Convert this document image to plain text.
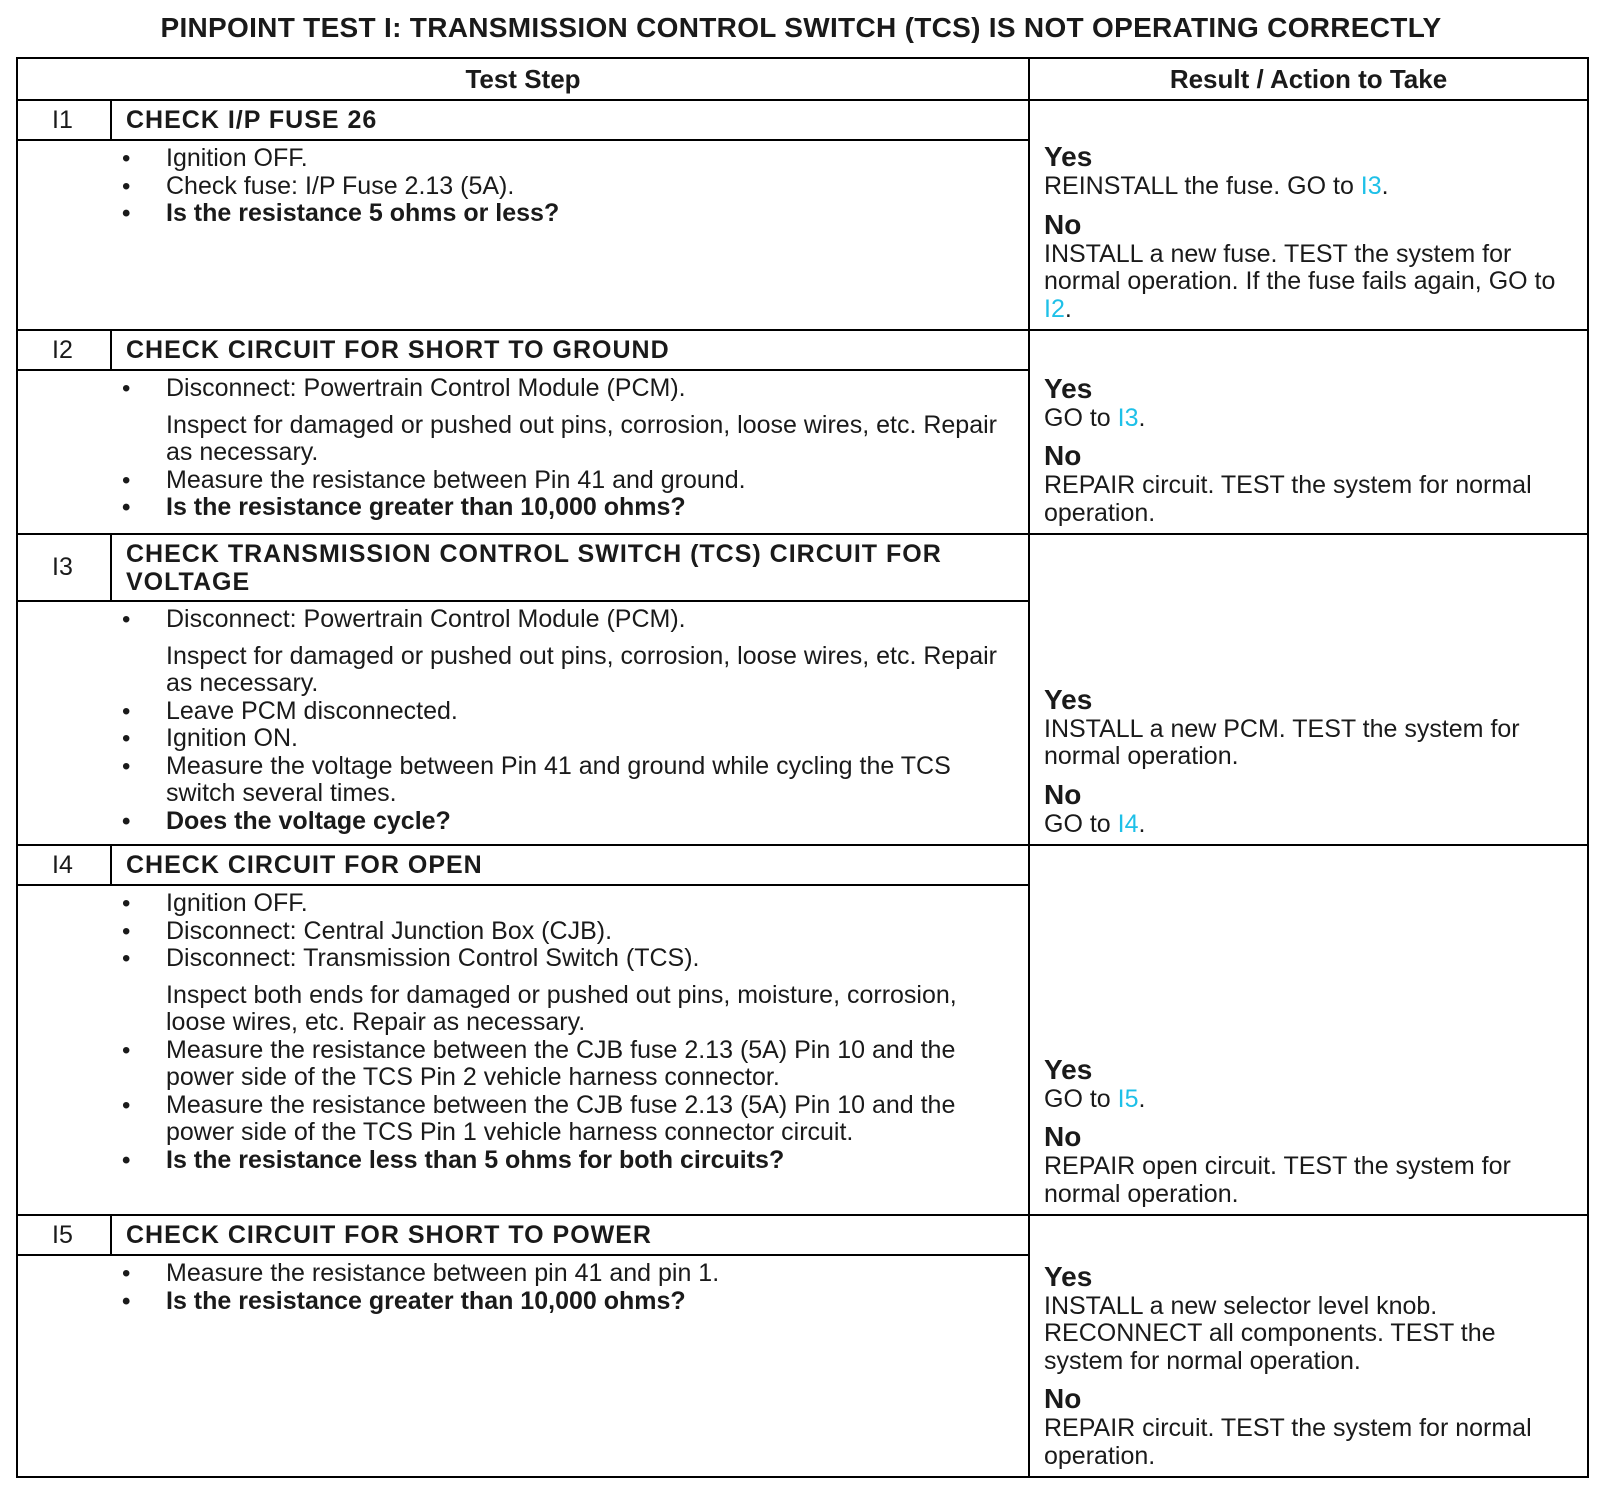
PINPOINT TEST I: TRANSMISSION CONTROL SWITCH (TCS) IS NOT OPERATING CORRECTLY
Test Step	Result / Action to Take
I1	CHECK I/P FUSE 26
• Ignition OFF.
• Check fuse: I/P Fuse 2.13 (5A).
• Is the resistance 5 ohms or less?
Yes
REINSTALL the fuse. GO to I3.
No
INSTALL a new fuse. TEST the system for normal operation. If the fuse fails again, GO to I2.
I2	CHECK CIRCUIT FOR SHORT TO GROUND
• Disconnect: Powertrain Control Module (PCM).
Inspect for damaged or pushed out pins, corrosion, loose wires, etc. Repair as necessary.
• Measure the resistance between Pin 41 and ground.
• Is the resistance greater than 10,000 ohms?
Yes
GO to I3.
No
REPAIR circuit. TEST the system for normal operation.
I3	CHECK TRANSMISSION CONTROL SWITCH (TCS) CIRCUIT FOR VOLTAGE
• Disconnect: Powertrain Control Module (PCM).
Inspect for damaged or pushed out pins, corrosion, loose wires, etc. Repair as necessary.
• Leave PCM disconnected.
• Ignition ON.
• Measure the voltage between Pin 41 and ground while cycling the TCS switch several times.
• Does the voltage cycle?
Yes
INSTALL a new PCM. TEST the system for normal operation.
No
GO to I4.
I4	CHECK CIRCUIT FOR OPEN
• Ignition OFF.
• Disconnect: Central Junction Box (CJB).
• Disconnect: Transmission Control Switch (TCS).
Inspect both ends for damaged or pushed out pins, moisture, corrosion, loose wires, etc. Repair as necessary.
• Measure the resistance between the CJB fuse 2.13 (5A) Pin 10 and the power side of the TCS Pin 2 vehicle harness connector.
• Measure the resistance between the CJB fuse 2.13 (5A) Pin 10 and the power side of the TCS Pin 1 vehicle harness connector circuit.
• Is the resistance less than 5 ohms for both circuits?
Yes
GO to I5.
No
REPAIR open circuit. TEST the system for normal operation.
I5	CHECK CIRCUIT FOR SHORT TO POWER
• Measure the resistance between pin 41 and pin 1.
• Is the resistance greater than 10,000 ohms?
Yes
INSTALL a new selector level knob. RECONNECT all components. TEST the system for normal operation.
No
REPAIR circuit. TEST the system for normal operation.
